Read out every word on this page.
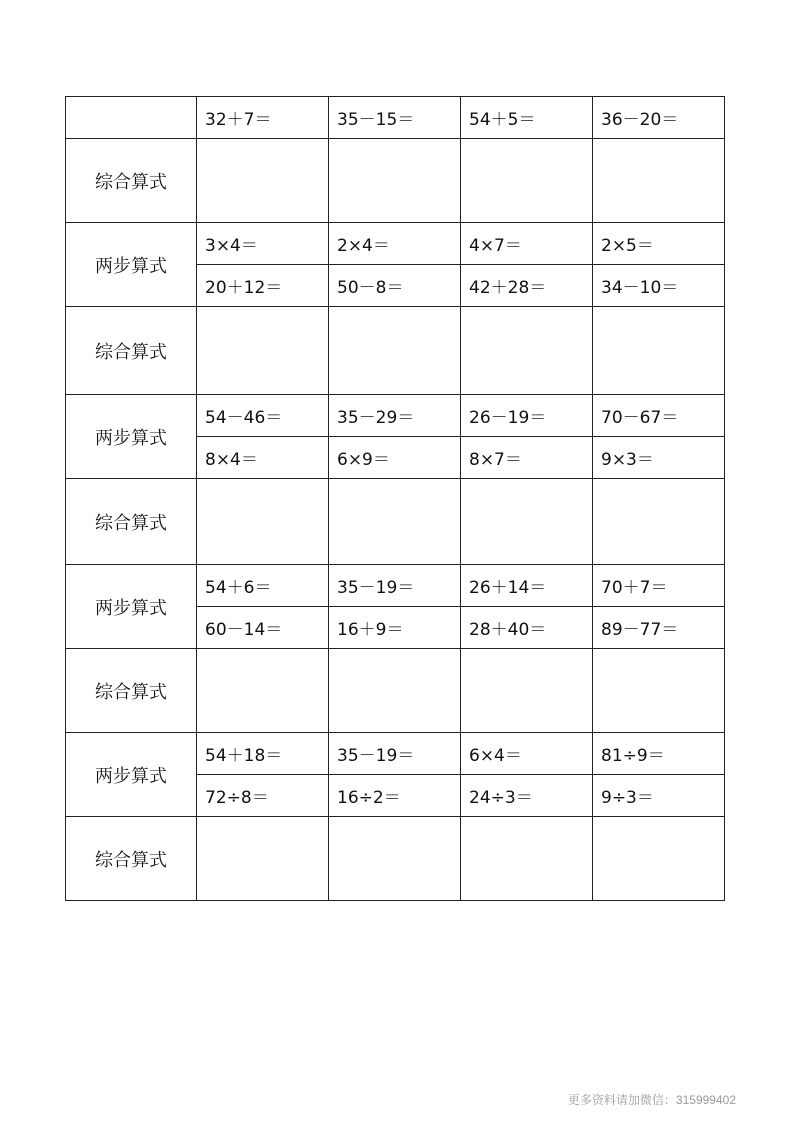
	32＋7＝	35－15＝	54＋5＝	36－20＝
综合算式				
两步算式	3×4＝	2×4＝	4×7＝	2×5＝
	20＋12＝	50－8＝	42＋28＝	34－10＝
综合算式				
两步算式	54－46＝	35－29＝	26－19＝	70－67＝
	8×4＝	6×9＝	8×7＝	9×3＝
综合算式				
两步算式	54＋6＝	35－19＝	26＋14＝	70＋7＝
	60－14＝	16＋9＝	28＋40＝	89－77＝
综合算式				
两步算式	54＋18＝	35－19＝	6×4＝	81÷9＝
	72÷8＝	16÷2＝	24÷3＝	9÷3＝
综合算式				
更多资料请加微信：315999402
